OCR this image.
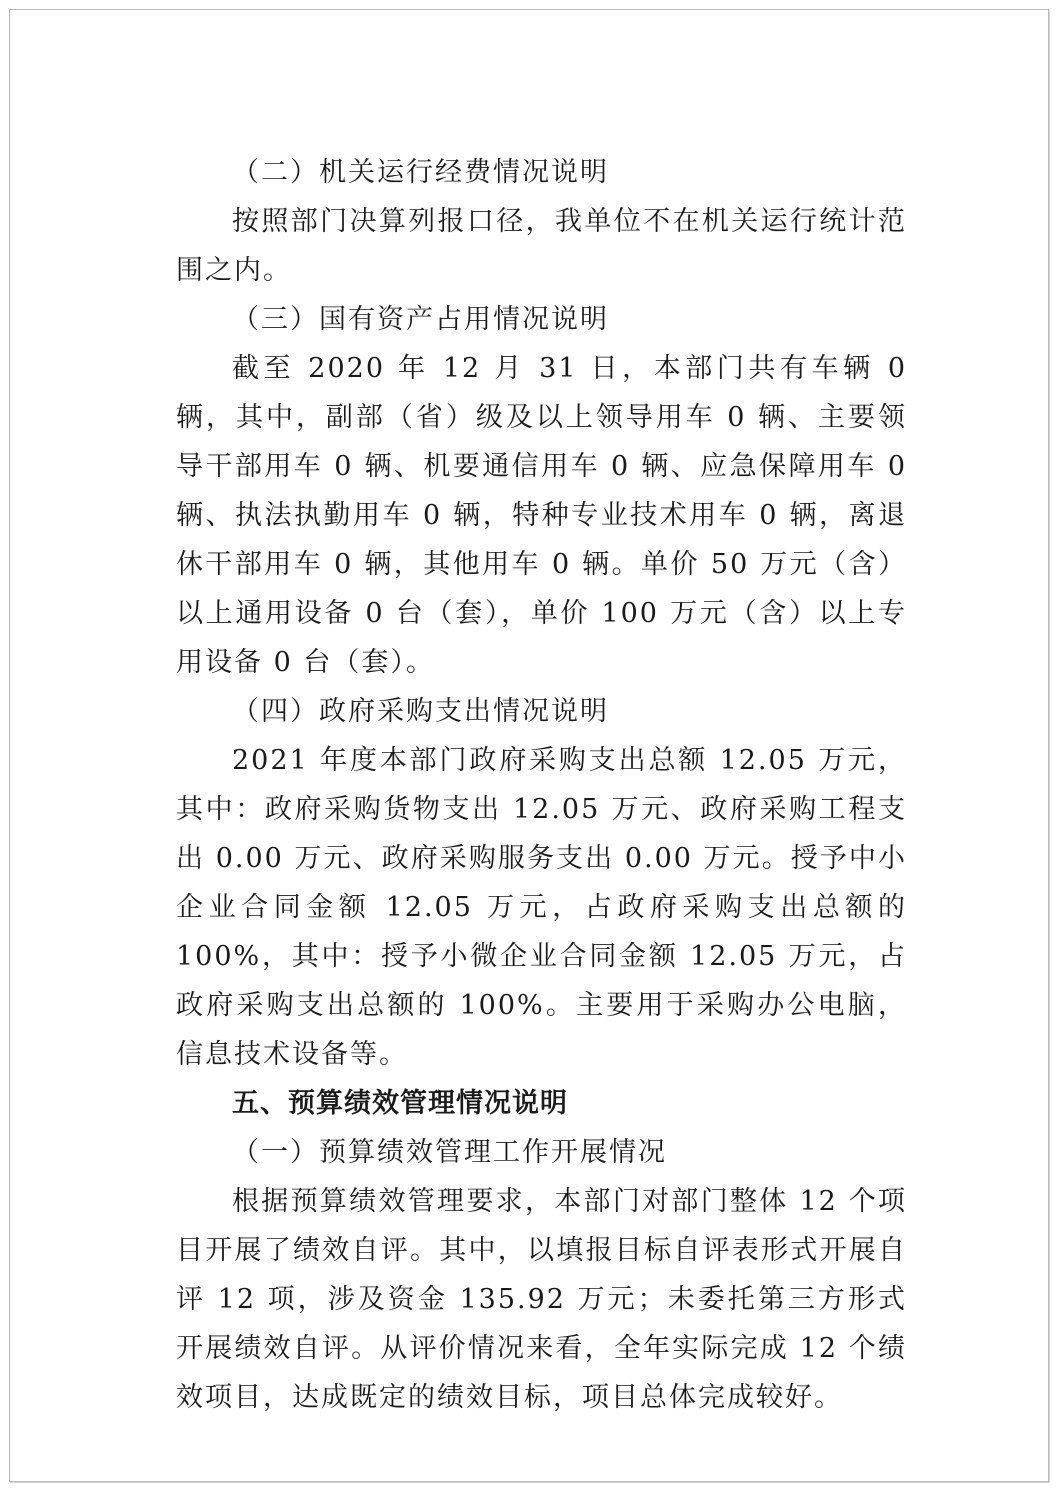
（二）机关运行经费情况说明

按照部门决算列报口径，我单位不在机关运行统计范围之内。

（三）国有资产占用情况说明

截至 2020 年 12 月 31 日，本部门共有车辆 0 辆，其中，副部（省）级及以上领导用车 0 辆、主要领导干部用车 0 辆、机要通信用车 0 辆、应急保障用车 0 辆、执法执勤用车 0 辆，特种专业技术用车 0 辆，离退休干部用车 0 辆，其他用车 0 辆。单价 50 万元（含）以上通用设备 0 台（套），单价 100 万元（含）以上专用设备 0 台（套）。

（四）政府采购支出情况说明

2021 年度本部门政府采购支出总额 12.05 万元，其中：政府采购货物支出 12.05 万元、政府采购工程支出 0.00 万元、政府采购服务支出 0.00 万元。授予中小企业合同金额 12.05 万元，占政府采购支出总额的 100%，其中：授予小微企业合同金额 12.05 万元，占政府采购支出总额的 100%。主要用于采购办公电脑，信息技术设备等。

五、预算绩效管理情况说明
（一）预算绩效管理工作开展情况

根据预算绩效管理要求，本部门对部门整体 12 个项目开展了绩效自评。其中，以填报目标自评表形式开展自评 12 项，涉及资金 135.92 万元；未委托第三方形式开展绩效自评。从评价情况来看，全年实际完成 12 个绩效项目，达成既定的绩效目标，项目总体完成较好。
